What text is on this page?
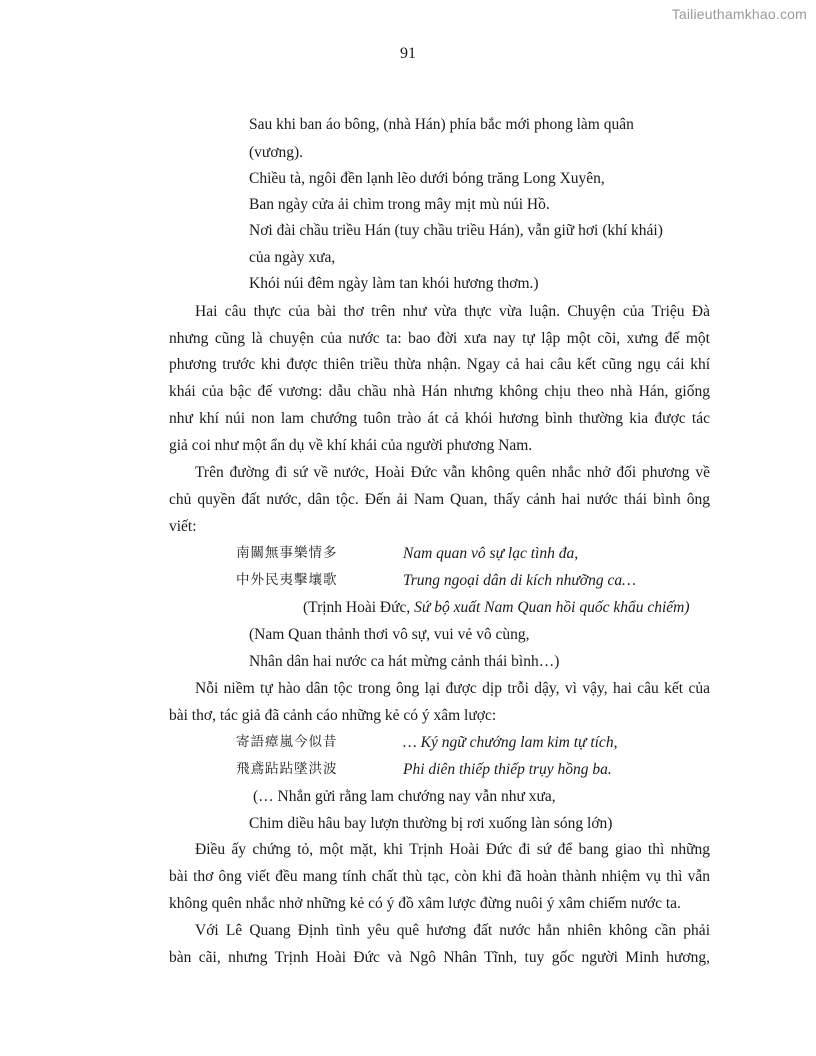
Tailieuthamkhao.com
91
Sau khi ban áo bông, (nhà Hán) phía bắc mới phong làm quân
(vương).
Chiều tà, ngôi đền lạnh lẽo dưới bóng trăng Long Xuyên,
Ban ngày cửa ải chìm trong mây mịt mù núi Hồ.
Nơi đài chầu triều Hán (tuy chầu triều Hán), vẫn giữ hơi (khí khái)
của ngày xưa,
Khói núi đêm ngày làm tan khói hương thơm.)
Hai câu thực của bài thơ trên như vừa thực vừa luận. Chuyện của Triệu Đà
nhưng cũng là chuyện của nước ta: bao đời xưa nay tự lập một cõi, xưng đế một
phương trước khi được thiên triều thừa nhận. Ngay cả hai câu kết cũng ngụ cái khí
khái của bậc đế vương: dẫu chầu nhà Hán nhưng không chịu theo nhà Hán, giống
như khí núi non lam chướng tuôn trào át cả khói hương bình thường kia được tác
giả coi như một ẩn dụ về khí khái của người phương Nam.
Trên đường đi sứ về nước, Hoài Đức vẫn không quên nhắc nhở đối phương về
chủ quyền đất nước, dân tộc. Đến ải Nam Quan, thấy cảnh hai nước thái bình ông
viết:
南關無事樂情多	Nam quan vô sự lạc tình đa,
中外民夷擊壤歌	Trung ngoại dân di kích nhưỡng ca…
(Trịnh Hoài Đức, Sứ bộ xuất Nam Quan hồi quốc khẩu chiếm)
(Nam Quan thảnh thơi vô sự, vui vẻ vô cùng,
Nhân dân hai nước ca hát mừng cảnh thái bình…)
Nỗi niềm tự hào dân tộc trong ông lại được dịp trỗi dậy, vì vậy, hai câu kết của
bài thơ, tác giả đã cảnh cáo những kẻ có ý xâm lược:
寄語瘴嵐今似昔	… Ký ngữ chướng lam kim tự tích,
飛鳶跕跕墜洪波	Phi diên thiếp thiếp trụy hồng ba.
(… Nhắn gửi rằng lam chướng nay vẫn như xưa,
Chim diều hâu bay lượn thường bị rơi xuống làn sóng lớn)
Điều ấy chứng tỏ, một mặt, khi Trịnh Hoài Đức đi sứ để bang giao thì những
bài thơ ông viết đều mang tính chất thù tạc, còn khi đã hoàn thành nhiệm vụ thì vẫn
không quên nhắc nhở những kẻ có ý đồ xâm lược đừng nuôi ý xâm chiếm nước ta.
Với Lê Quang Định tình yêu quê hương đất nước hẳn nhiên không cần phải
bàn cãi, nhưng Trịnh Hoài Đức và Ngô Nhân Tĩnh, tuy gốc người Minh hương,
